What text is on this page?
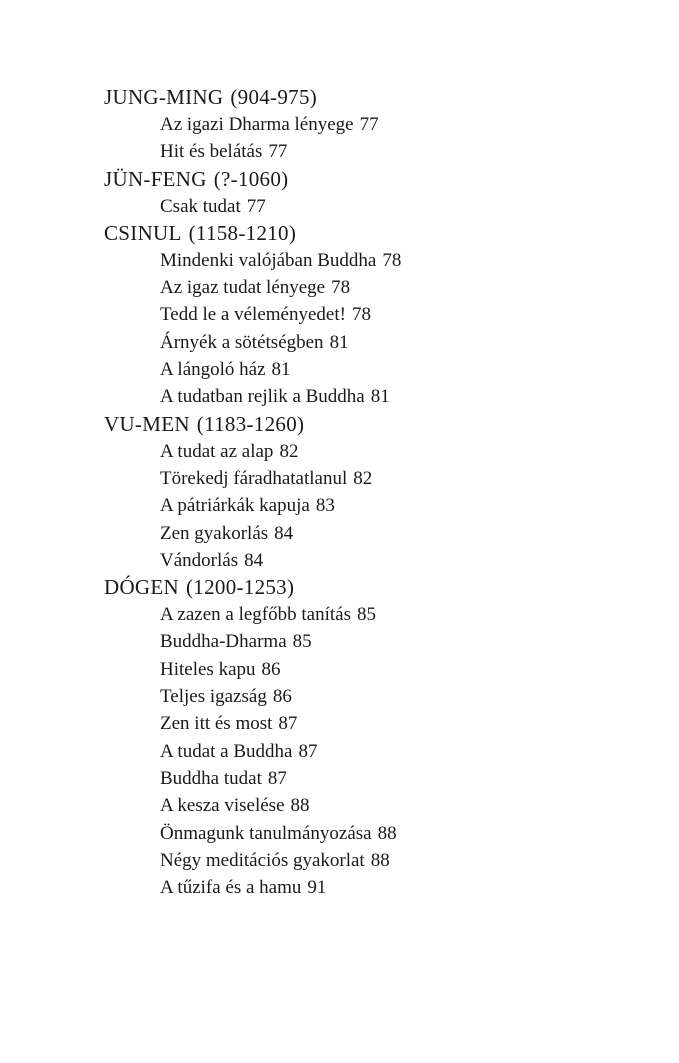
JUNG-MING (904-975)
Az igazi Dharma lényege 77
Hit és belátás 77
JÜN-FENG (?-1060)
Csak tudat 77
CSINUL (1158-1210)
Mindenki valójában Buddha 78
Az igaz tudat lényege 78
Tedd le a véleményedet! 78
Árnyék a sötétségben 81
A lángoló ház 81
A tudatban rejlik a Buddha 81
VU-MEN (1183-1260)
A tudat az alap 82
Törekedj fáradhatatlanul 82
A pátriárkák kapuja 83
Zen gyakorlás 84
Vándorlás 84
DÓGEN (1200-1253)
A zazen a legfőbb tanítás 85
Buddha-Dharma 85
Hiteles kapu 86
Teljes igazság 86
Zen itt és most 87
A tudat a Buddha 87
Buddha tudat 87
A kesza viselése 88
Önmagunk tanulmányozása 88
Négy meditációs gyakorlat 88
A tűzifa és a hamu 91
